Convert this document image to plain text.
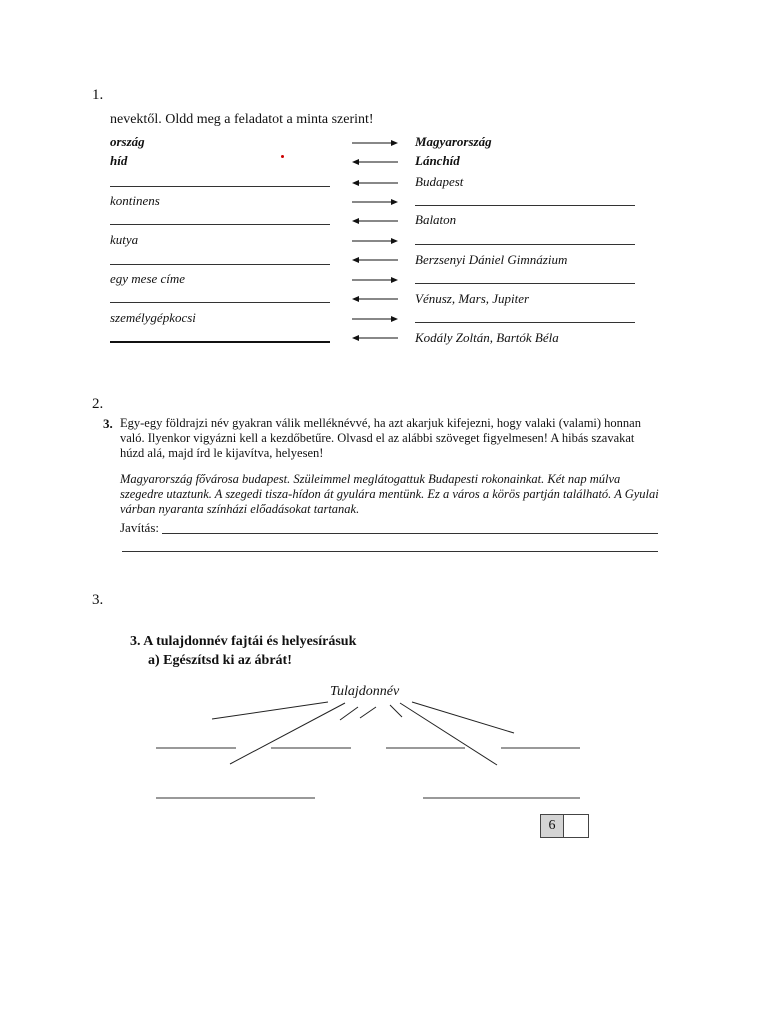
1.
nevektől. Oldd meg a feladatot a minta szerint!
ország	Magyarország
híd	Lánchíd
Budapest
kontinens
Balaton
kutya
Berzsenyi Dániel Gimnázium
egy mese címe
Vénusz, Mars, Jupiter
személygépkocsi
Kodály Zoltán, Bartók Béla
2.
3. Egy-egy földrajzi név gyakran válik melléknévvé, ha azt akarjuk kifejezni, hogy valaki (valami) honnan való. Ilyenkor vigyázni kell a kezdőbetűre. Olvasd el az alábbi szöveget figyelmesen! A hibás szavakat húzd alá, majd írd le kijavítva, helyesen!
Magyarország fővárosa budapest. Szüleimmel meglátogattuk Budapesti rokonainkat. Két nap múlva szegedre utaztunk. A szegedi tisza-hídon át gyulára mentünk. Ez a város a körös partján található. A Gyulai várban nyaranta színházi előadásokat tartanak.
Javítás:
3.
3. A tulajdonnév fajtái és helyesírásuk
a) Egészítsd ki az ábrát!
Tulajdonnév
6
